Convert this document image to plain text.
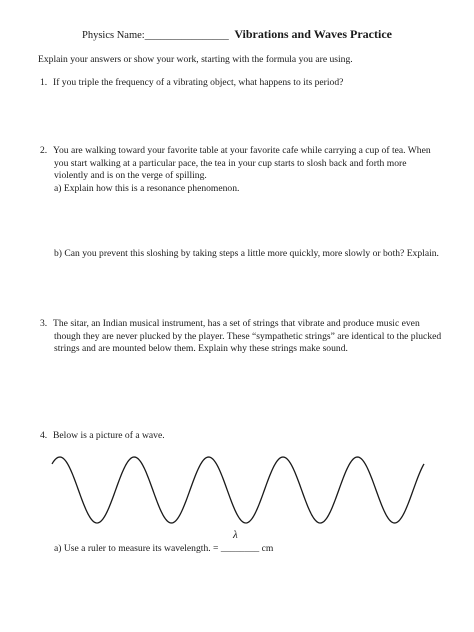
Physics Name:________________ Vibrations and Waves Practice
Explain your answers or show your work, starting with the formula you are using.
1. If you triple the frequency of a vibrating object, what happens to its period?
2. You are walking toward your favorite table at your favorite cafe while carrying a cup of tea. When
you start walking at a particular pace, the tea in your cup starts to slosh back and forth more
violently and is on the verge of spilling.
a) Explain how this is a resonance phenomenon.
b) Can you prevent this sloshing by taking steps a little more quickly, more slowly or both? Explain.
3. The sitar, an Indian musical instrument, has a set of strings that vibrate and produce music even
though they are never plucked by the player. These “sympathetic strings” are identical to the plucked
strings and are mounted below them. Explain why these strings make sound.
4. Below is a picture of a wave.
λ
a) Use a ruler to measure its wavelength. = ________ cm
